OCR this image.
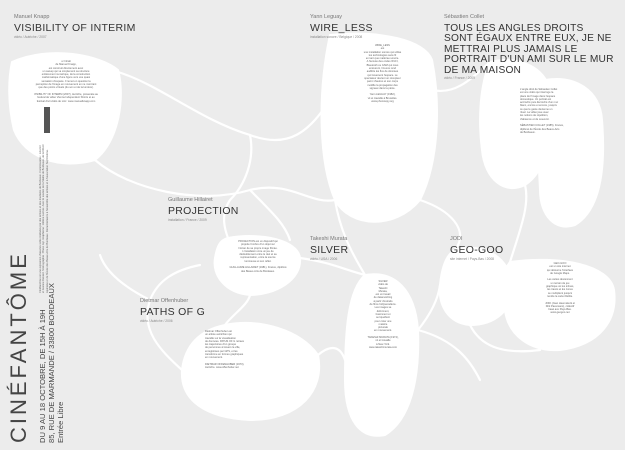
Manuel Knapp

VISIBILITY OF INTERIM

vidéo / Autriche / 2007

ur Inhalt
de Manuel Knapp,
est construit directement avec
un sweep qui va simplement sa structure
entièrement numérique, de la construction
mathématique d'une figure vers une quasi
sensation d'espace. Il remet en question la
perception de l'image en mouvement en ne montrant
que des points virtuels (du son et de la lumière).

VISIBILITY OF INTERIM (2007), Autriche, présentée au
festival de vidéo Vienna Independent Shorts et au
festival d'art vidéo de Linz. www.manuelknapp.com

Yann Leguay

WIRE_LESS

installation sonore / Belgique / 2008

WIRE_LESS
est
une installation sonore qui utilise
les technologies sans fil
en tant que matériau sonore.
A l'écoute des ondes WI-FI,
Bluetooth ou GSM qui nous
entourent, l'œuvre rend
audible les flux de données
qui traversent l'espace. Le
spectateur devient un récepteur
parmi d'autres et son corps
modifie la propagation des
signaux dans la pièce.

Yann LEGUAY (1982),
vit et travaille à Bruxelles.
www.phonotopy.org

Sébastien Collet

TOUS LES ANGLES DROITS SONT ÉGAUX ENTRE EUX, JE NE METTRAI PLUS JAMAIS LE PORTRAIT D'UN AMI SUR LE MUR DE MA MAISON

vidéo / France / 2009

L'angle droit de Sébastien Collet
est une vidéo qui interroge la
place de l'image dans l'espace
domestique. Un portrait est
accroché puis décroché d'un mur
blanc, encore et encore, jusqu'à
ce que le geste devienne un
rituel. La vidéo joue avec
les notions de répétition,
d'absence et de souvenir.

SÉBASTIEN COLLET (1985), France,
diplômé de l'École des Beaux-Arts
de Bordeaux.

Guillaume Hillairet

PROJECTION

installation / France / 2009

PROJECTION est un dispositif qui
projette l'ombre d'un objet sur
l'écran de sa propre image filmée.
L'installation crée un jeu de
dédoublement entre le réel et sa
représentation, entre la source
lumineuse et son reflet.

GUILLAUME HILLAIRET (1981), France, diplômé
des Beaux-Arts de Bordeaux.

Takeshi Murata

SILVER

vidéo / USA / 2006

SILVER
vidéo de
Takeshi
Murata,
est un travail
de datamoshing
à partir d'extraits
de films hollywoodiens.
Les images se
déforment,
fusionnent et
se liquéfient
pour créer une
matière
picturale
en mouvement.

TAKESHI MURATA (1974),
vit et travaille
à New York.
www.takeshimurata.com

JODI

GEO-GOO

site internet / Pays-Bas / 2008

GEO-GOO
est un site internet
qui détourne l'interface
de Google Maps.

Les cartes deviennent
un terrain de jeu
graphique où les icônes,
les tracés et les zones
se multiplient jusqu'à
rendre la carte illisible.

JODI (Joan Heemskerk et
Dirk Paesmans), collectif
basé aux Pays-Bas.
www.geogoo.net

Dietmar Offenhuber

PATHS OF G

vidéo / Autriche / 2006

Dietmar Offenhuber est
un artiste autrichien qui
travaille sur la visualisation
de données. PATHS OF G retrace
les trajectoires d'un groupe
de personnes à travers la ville,
enregistrées par GPS, et les
transforme en formes graphiques
en mouvement.

DIETMAR OFFENHUBER (1973),
Autriche. www.offenhuber.net

CINÉFANTÔME DU 9 AU 18 OCTOBRE, DE 15H À 19H 85, RUE DE MARMANDE / 33800 BORDEAUX Entrée Libre
Cinéfantôme est une exposition d'œuvres vidéo réalisées par des artistes et des étudiants de Bordeaux. Commissaires : Lola Hil et Jeanne Renard. Scénographie : Bruno Gyl. Graphisme : Hélène Lacroix. Avec le soutien de la Mairie de Bordeaux, de la DRAC Aquitaine et de l'École des Beaux-Arts de Bordeaux. Remerciements à l'ensemble des artistes et à l'association Sup'Cinéma.
